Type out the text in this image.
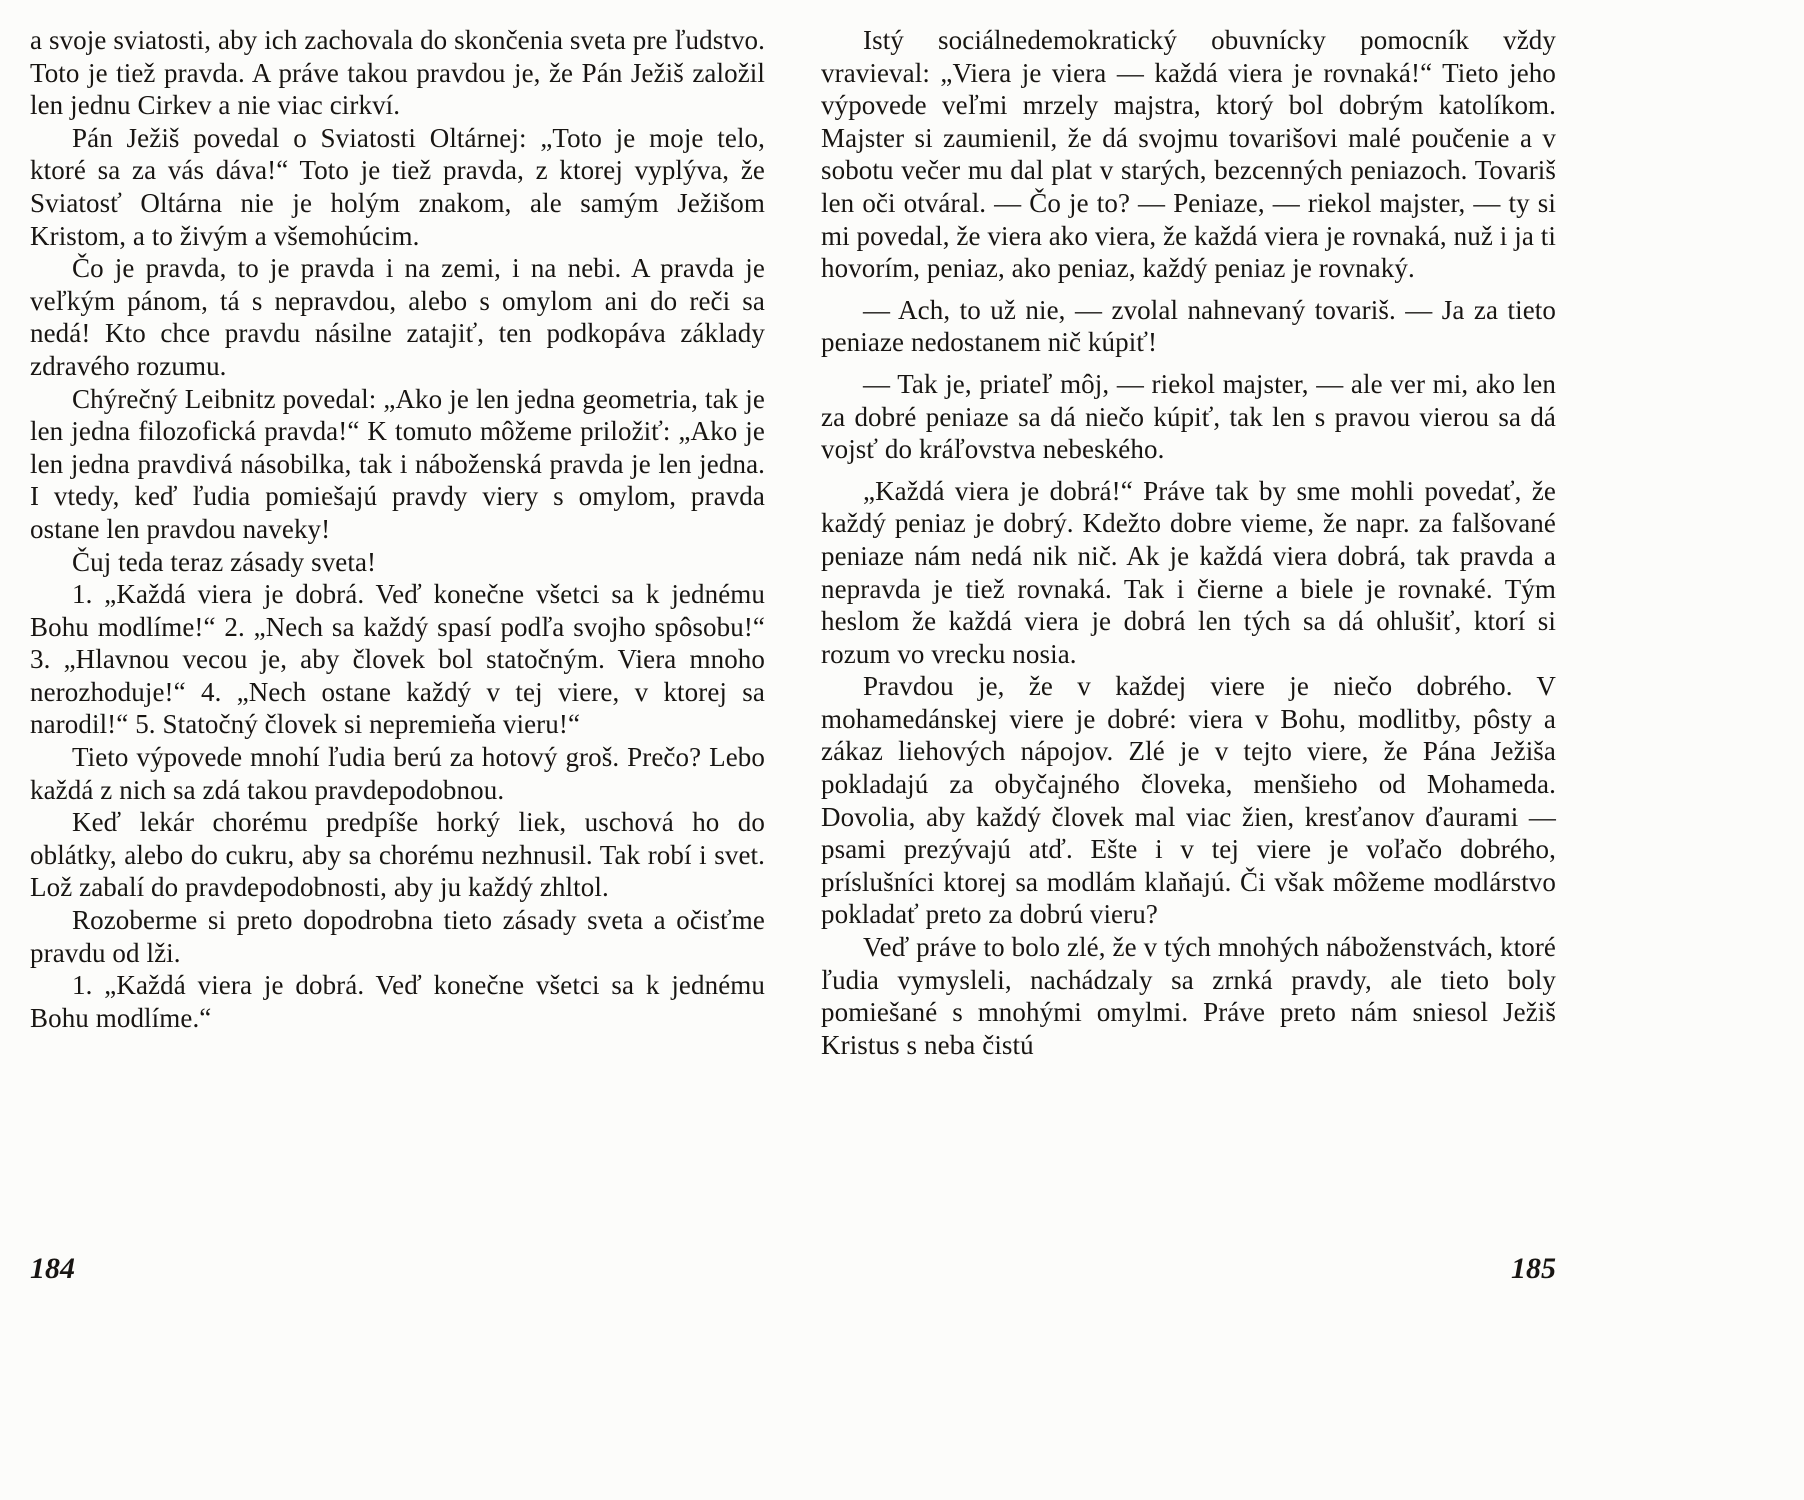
a svoje sviatosti, aby ich zachovala do skončenia sveta pre ľudstvo. Toto je tiež pravda. A práve takou pravdou je, že Pán Ježiš založil len jednu Cirkev a nie viac cirkví.

Pán Ježiš povedal o Sviatosti Oltárnej: „Toto je moje telo, ktoré sa za vás dáva!“ Toto je tiež pravda, z ktorej vyplýva, že Sviatosť Oltárna nie je holým znakom, ale samým Ježišom Kristom, a to živým a všemohúcim.

Čo je pravda, to je pravda i na zemi, i na nebi. A pravda je veľkým pánom, tá s nepravdou, alebo s omylom ani do reči sa nedá! Kto chce pravdu násilne zatajiť, ten podkopáva základy zdravého rozumu.

Chýrečný Leibnitz povedal: „Ako je len jedna geometria, tak je len jedna filozofická pravda!“ K tomuto môžeme priložiť: „Ako je len jedna pravdivá násobilka, tak i náboženská pravda je len jedna. I vtedy, keď ľudia pomiešajú pravdy viery s omylom, pravda ostane len pravdou naveky!

Čuj teda teraz zásady sveta!

1. „Každá viera je dobrá. Veď konečne všetci sa k jednému Bohu modlíme!“ 2. „Nech sa každý spasí podľa svojho spôsobu!“ 3. „Hlavnou vecou je, aby človek bol statočným. Viera mnoho nerozhoduje!“ 4. „Nech ostane každý v tej viere, v ktorej sa narodil!“ 5. Statočný človek si nepremieňa vieru!“

Tieto výpovede mnohí ľudia berú za hotový groš. Prečo? Lebo každá z nich sa zdá takou pravdepodobnou.

Keď lekár chorému predpíše horký liek, uschová ho do oblátky, alebo do cukru, aby sa chorému nezhnusil. Tak robí i svet. Lož zabalí do pravdepodobnosti, aby ju každý zhltol.

Rozoberme si preto dopodrobna tieto zásady sveta a očisťme pravdu od lži.

1. „Každá viera je dobrá. Veď konečne všetci sa k jednému Bohu modlíme.“

Istý sociálnedemokratický obuvnícky pomocník vždy vravieval: „Viera je viera — každá viera je rovnaká!“ Tieto jeho výpovede veľmi mrzely majstra, ktorý bol dobrým katolíkom. Majster si zaumienil, že dá svojmu tovarišovi malé poučenie a v sobotu večer mu dal plat v starých, bezcenných peniazoch. Tovariš len oči otváral. — Čo je to? — Peniaze, — riekol majster, — ty si mi povedal, že viera ako viera, že každá viera je rovnaká, nuž i ja ti hovorím, peniaz, ako peniaz, každý peniaz je rovnaký.

— Ach, to už nie, — zvolal nahnevaný tovariš. — Ja za tieto peniaze nedostanem nič kúpiť!

— Tak je, priateľ môj, — riekol majster, — ale ver mi, ako len za dobré peniaze sa dá niečo kúpiť, tak len s pravou vierou sa dá vojsť do kráľovstva nebeského.

„Každá viera je dobrá!“ Práve tak by sme mohli povedať, že každý peniaz je dobrý. Kdežto dobre vieme, že napr. za falšované peniaze nám nedá nik nič. Ak je každá viera dobrá, tak pravda a nepravda je tiež rovnaká. Tak i čierne a biele je rovnaké. Tým heslom že každá viera je dobrá len tých sa dá ohlušiť, ktorí si rozum vo vrecku nosia.

Pravdou je, že v každej viere je niečo dobrého. V mohamedánskej viere je dobré: viera v Bohu, modlitby, pôsty a zákaz liehových nápojov. Zlé je v tejto viere, že Pána Ježiša pokladajú za obyčajného človeka, menšieho od Mohameda. Dovolia, aby každý človek mal viac žien, kresťanov ďaurami — psami prezývajú atď. Ešte i v tej viere je voľačo dobrého, príslušníci ktorej sa modlám klaňajú. Či však môžeme modlárstvo pokladať preto za dobrú vieru?

Veď práve to bolo zlé, že v tých mnohých náboženstvách, ktoré ľudia vymysleli, nachádzaly sa zrnká pravdy, ale tieto boly pomiešané s mnohými omylmi. Práve preto nám sniesol Ježiš Kristus s neba čistú

184	185
